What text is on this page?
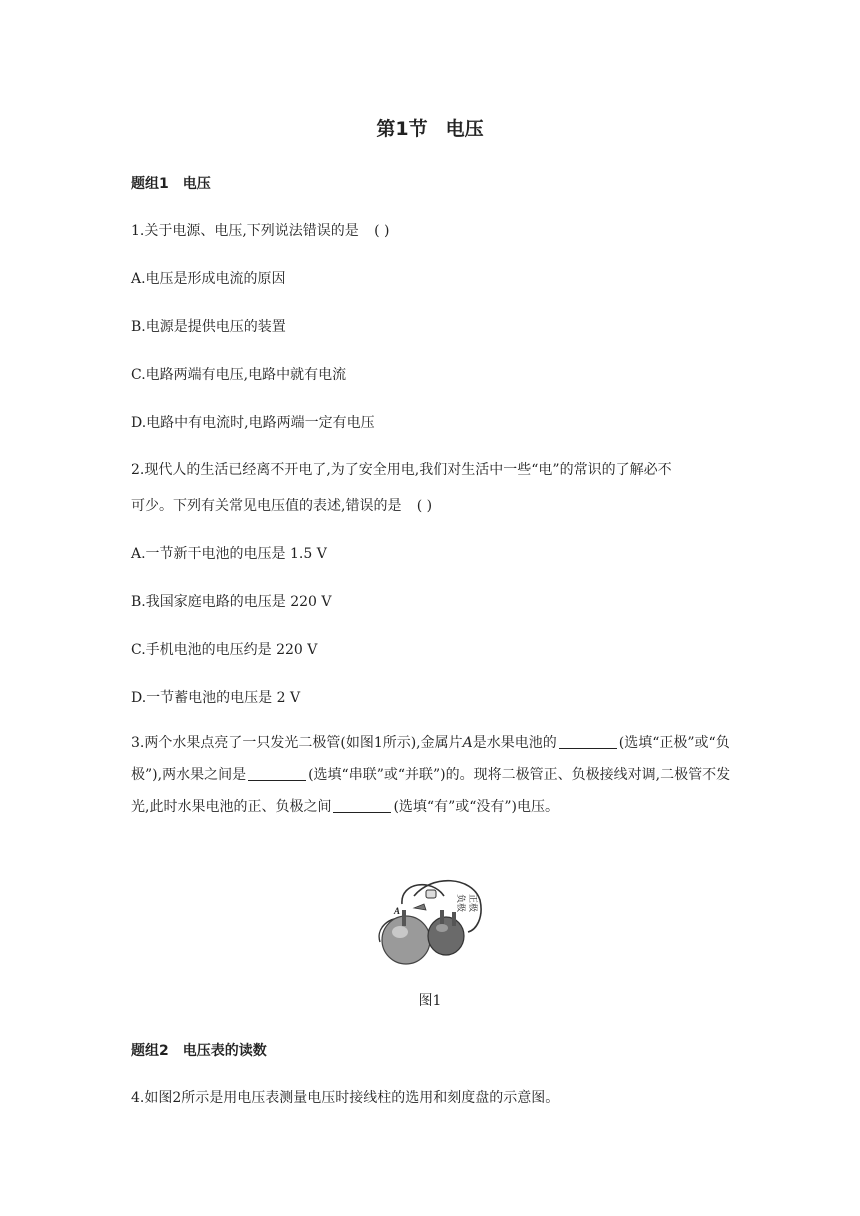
第1节 电压
题组1 电压
1.关于电源、电压,下列说法错误的是 ( )
A.电压是形成电流的原因
B.电源是提供电压的装置
C.电路两端有电压,电路中就有电流
D.电路中有电流时,电路两端一定有电压
2.现代人的生活已经离不开电了,为了安全用电,我们对生活中一些“电”的常识的了解必不
可少。下列有关常见电压值的表述,错误的是 ( )
A.一节新干电池的电压是 1.5 V
B.我国家庭电路的电压是 220 V
C.手机电池的电压约是 220 V
D.一节蓄电池的电压是 2 V
3.两个水果点亮了一只发光二极管(如图1所示),金属片A是水果电池的	(选填“正极”或“负极”),两水果之间是	(选填“串联”或“并联”)的。现将二极管正、负极接线对调,二极管不发光,此时水果电池的正、负极之间	(选填“有”或“没有”)电压。
A	负极 正极
图1
题组2 电压表的读数
4.如图2所示是用电压表测量电压时接线柱的选用和刻度盘的示意图。
